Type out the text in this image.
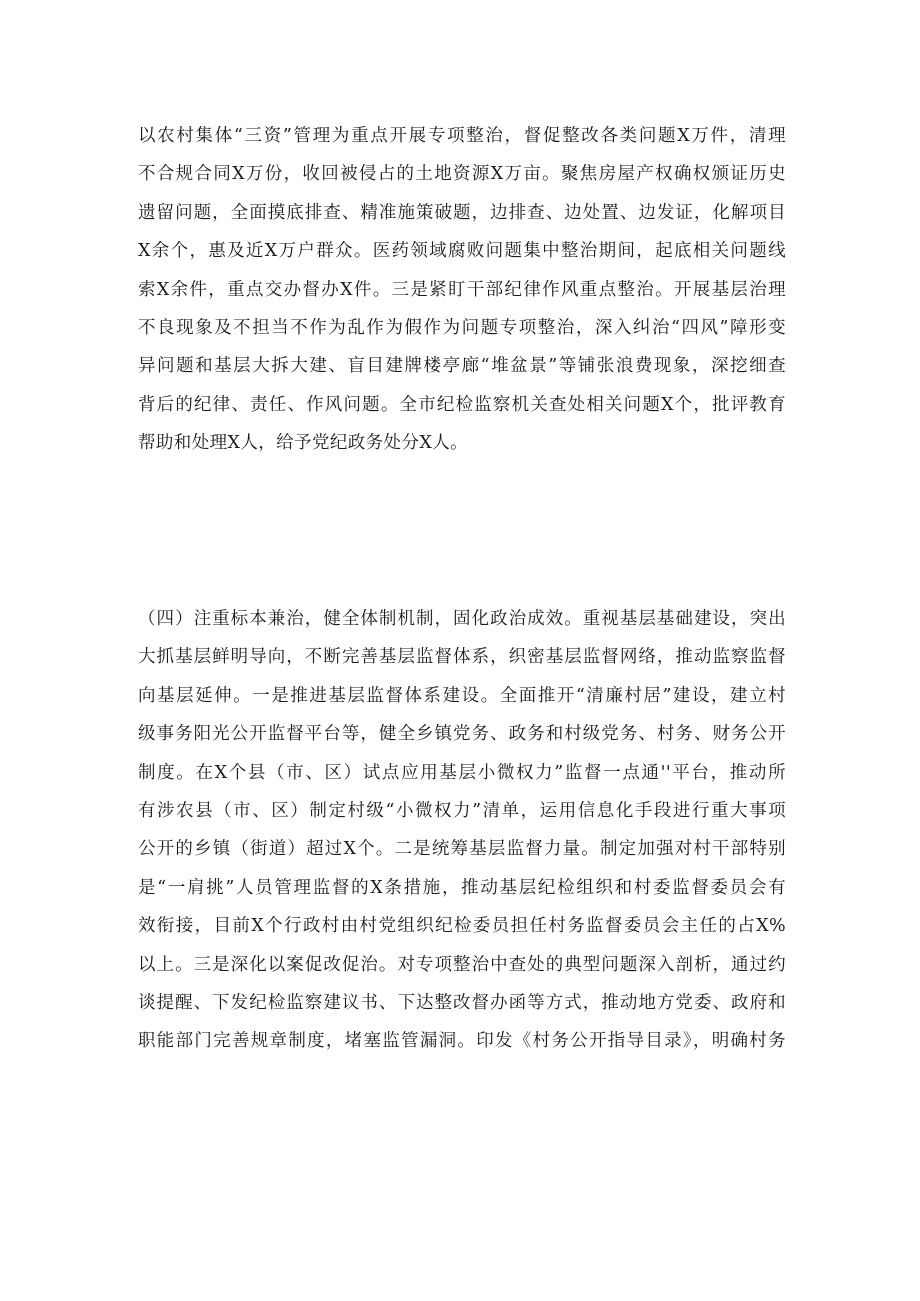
以农村集体“三资”管理为重点开展专项整治，督促整改各类问题X万件，清理
不合规合同X万份，收回被侵占的土地资源X万亩。聚焦房屋产权确权颁证历史
遗留问题，全面摸底排查、精准施策破题，边排查、边处置、边发证，化解项目
X余个，惠及近X万户群众。医药领域腐败问题集中整治期间，起底相关问题线
索X余件，重点交办督办X件。三是紧盯干部纪律作风重点整治。开展基层治理
不良现象及不担当不作为乱作为假作为问题专项整治，深入纠治“四风”障形变
异问题和基层大拆大建、盲目建牌楼亭廊“堆盆景”等铺张浪费现象，深挖细查
背后的纪律、责任、作风问题。全市纪检监察机关查处相关问题X个，批评教育
帮助和处理X人，给予党纪政务处分X人。
（四）注重标本兼治，健全体制机制，固化政治成效。重视基层基础建设，突出
大抓基层鲜明导向，不断完善基层监督体系，织密基层监督网络，推动监察监督
向基层延伸。一是推进基层监督体系建设。全面推开“清廉村居”建设，建立村
级事务阳光公开监督平台等，健全乡镇党务、政务和村级党务、村务、财务公开
制度。在X个县（市、区）试点应用基层小微权力”监督一点通''平台，推动所
有涉农县（市、区）制定村级“小微权力”清单，运用信息化手段进行重大事项
公开的乡镇（街道）超过X个。二是统筹基层监督力量。制定加强对村干部特别
是“一肩挑”人员管理监督的X条措施，推动基层纪检组织和村委监督委员会有
效衔接，目前X个行政村由村党组织纪检委员担任村务监督委员会主任的占X%
以上。三是深化以案促改促治。对专项整治中查处的典型问题深入剖析，通过约
谈提醒、下发纪检监察建议书、下达整改督办函等方式，推动地方党委、政府和
职能部门完善规章制度，堵塞监管漏洞。印发《村务公开指导目录》，明确村务
